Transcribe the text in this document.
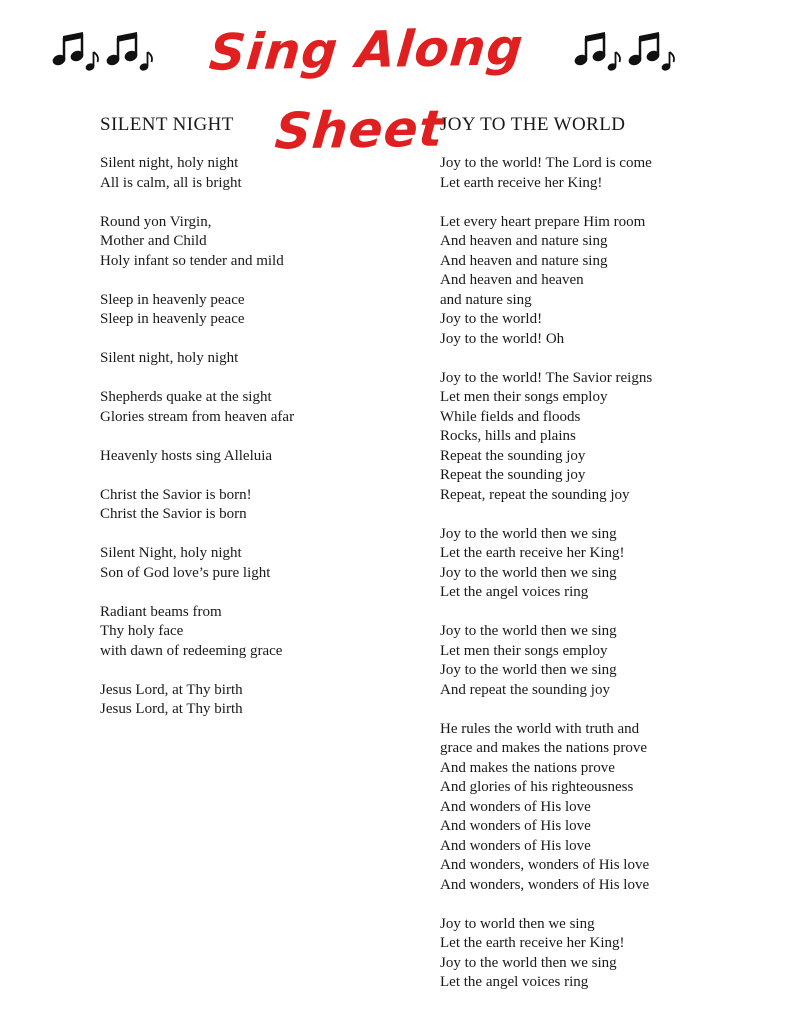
Sing Along Sheet
SILENT NIGHT
Silent night, holy night
All is calm, all is bright
Round yon Virgin,
Mother and Child
Holy infant so tender and mild
Sleep in heavenly peace
Sleep in heavenly peace
Silent night, holy night
Shepherds quake at the sight
Glories stream from heaven afar
Heavenly hosts sing Alleluia
Christ the Savior is born!
Christ the Savior is born
Silent Night, holy night
Son of God love’s pure light
Radiant beams from
Thy holy face
with dawn of redeeming grace
Jesus Lord, at Thy birth
Jesus Lord, at Thy birth
JOY TO THE WORLD
Joy to the world! The Lord is come
Let earth receive her King!
Let every heart prepare Him room
And heaven and nature sing
And heaven and nature sing
And heaven and heaven
and nature sing
Joy to the world!
Joy to the world! Oh
Joy to the world! The Savior reigns
Let men their songs employ
While fields and floods
Rocks, hills and plains
Repeat the sounding joy
Repeat the sounding joy
Repeat, repeat the sounding joy
Joy to the world then we sing
Let the earth receive her King!
Joy to the world then we sing
Let the angel voices ring
Joy to the world then we sing
Let men their songs employ
Joy to the world then we sing
And repeat the sounding joy
He rules the world with truth and
grace and makes the nations prove
And makes the nations prove
And glories of his righteousness
And wonders of His love
And wonders of His love
And wonders of His love
And wonders, wonders of His love
And wonders, wonders of His love
Joy to world then we sing
Let the earth receive her King!
Joy to the world then we sing
Let the angel voices ring
